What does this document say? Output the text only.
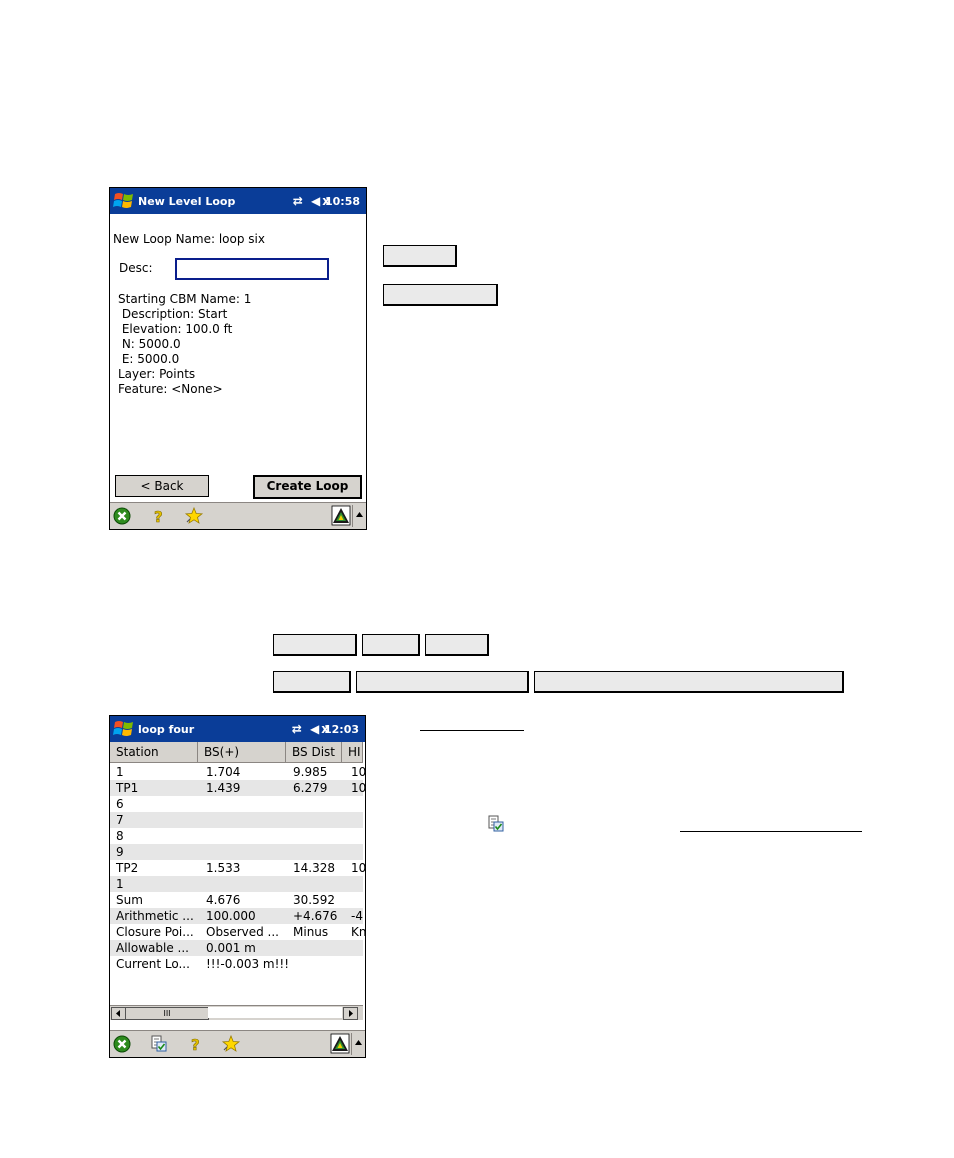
New Level Loop	⇄ ◀x
10:58
New Loop Name: loop six
Desc:
Starting CBM Name: 1
Description: Start
Elevation: 100.0 ft
N: 5000.0
E: 5000.0
Layer: Points
Feature: <None>
< Back	Create Loop
?
loop four	⇄ ◀x
12:03
Station	BS(+)	BS Dist	HI
1	1.704	9.985	10
TP1	1.439	6.279	10
6
7
8
9
TP2	1.533	14.328	10
1
Sum	4.676	30.592
Arithmetic ...	100.000	+4.676	-4
Closure Poi...	Observed ...	Minus	Kn
Allowable ...	0.001 m
Current Lo...	!!!-0.003 m!!!
III
?
